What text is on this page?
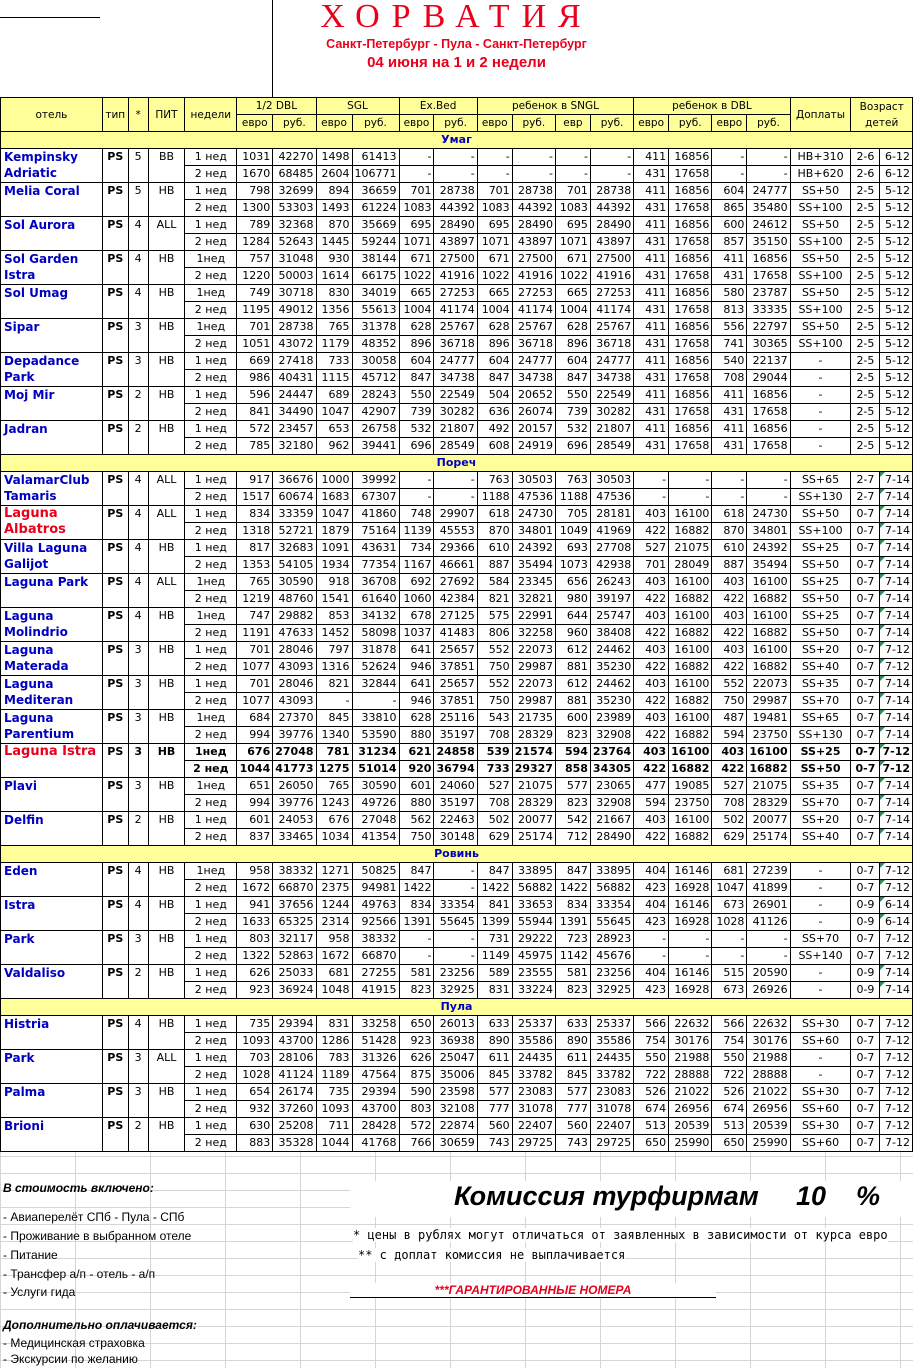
ХОРВАТИЯ
Санкт-Петербург - Пула - Санкт-Петербург
04 июня на 1 и 2 недели
отель	тип	*	ПИТ	недели	1/2 DBL		SGL		Ex.Bed		ребенок в SNGL				ребенок в DBL				Доплаты	Возраст детей	
					евро	руб.	евро	руб.	евро	руб.	евро	руб.	евр	руб.	евро	руб.	евро	руб.			
Умаг																					
Kempinsky Adriatic	PS	5	BB	1 нед	1031	42270	1498	61413	-	-	-	-	-	-	411	16856	-	-	HB+310	2-6	6-12
				2 нед	1670	68485	2604	106771	-	-	-	-	-	-	431	17658	-	-	HB+620	2-6	6-12
Melia Coral	PS	5	HB	1 нед	798	32699	894	36659	701	28738	701	28738	701	28738	411	16856	604	24777	SS+50	2-5	5-12
				2 нед	1300	53303	1493	61224	1083	44392	1083	44392	1083	44392	431	17658	865	35480	SS+100	2-5	5-12
Sol Aurora	PS	4	ALL	1 нед	789	32368	870	35669	695	28490	695	28490	695	28490	411	16856	600	24612	SS+50	2-5	5-12
				2 нед	1284	52643	1445	59244	1071	43897	1071	43897	1071	43897	431	17658	857	35150	SS+100	2-5	5-12
Sol Garden Istra	PS	4	HB	1нед	757	31048	930	38144	671	27500	671	27500	671	27500	411	16856	411	16856	SS+50	2-5	5-12
				2 нед	1220	50003	1614	66175	1022	41916	1022	41916	1022	41916	431	17658	431	17658	SS+100	2-5	5-12
Sol Umag	PS	4	HB	1нед	749	30718	830	34019	665	27253	665	27253	665	27253	411	16856	580	23787	SS+50	2-5	5-12
				2 нед	1195	49012	1356	55613	1004	41174	1004	41174	1004	41174	431	17658	813	33335	SS+100	2-5	5-12
Sipar	PS	3	HB	1нед	701	28738	765	31378	628	25767	628	25767	628	25767	411	16856	556	22797	SS+50	2-5	5-12
				2 нед	1051	43072	1179	48352	896	36718	896	36718	896	36718	431	17658	741	30365	SS+100	2-5	5-12
Depadance Park	PS	3	HB	1 нед	669	27418	733	30058	604	24777	604	24777	604	24777	411	16856	540	22137	-	2-5	5-12
				2 нед	986	40431	1115	45712	847	34738	847	34738	847	34738	431	17658	708	29044	-	2-5	5-12
Moj Mir	PS	2	HB	1 нед	596	24447	689	28243	550	22549	504	20652	550	22549	411	16856	411	16856	-	2-5	5-12
				2 нед	841	34490	1047	42907	739	30282	636	26074	739	30282	431	17658	431	17658	-	2-5	5-12
Jadran	PS	2	HB	1 нед	572	23457	653	26758	532	21807	492	20157	532	21807	411	16856	411	16856	-	2-5	5-12
				2 нед	785	32180	962	39441	696	28549	608	24919	696	28549	431	17658	431	17658	-	2-5	5-12
Пореч																					
ValamarClub Tamaris	PS	4	ALL	1 нед	917	36676	1000	39992	-	-	763	30503	763	30503	-	-	-	-	SS+65	2-7	7-14
				2 нед	1517	60674	1683	67307	-	-	1188	47536	1188	47536	-	-	-	-	SS+130	2-7	7-14
Laguna Albatros	PS	4	ALL	1 нед	834	33359	1047	41860	748	29907	618	24730	705	28181	403	16100	618	24730	SS+50	0-7	7-14
				2 нед	1318	52721	1879	75164	1139	45553	870	34801	1049	41969	422	16882	870	34801	SS+100	0-7	7-14
Villa Laguna Galijot	PS	4	HB	1 нед	817	32683	1091	43631	734	29366	610	24392	693	27708	527	21075	610	24392	SS+25	0-7	7-14
				2 нед	1353	54105	1934	77354	1167	46661	887	35494	1073	42938	701	28049	887	35494	SS+50	0-7	7-14
Laguna Park	PS	4	ALL	1нед	765	30590	918	36708	692	27692	584	23345	656	26243	403	16100	403	16100	SS+25	0-7	7-14
				2 нед	1219	48760	1541	61640	1060	42384	821	32821	980	39197	422	16882	422	16882	SS+50	0-7	7-14
Laguna Molindrio	PS	4	HB	1нед	747	29882	853	34132	678	27125	575	22991	644	25747	403	16100	403	16100	SS+25	0-7	7-14
				2 нед	1191	47633	1452	58098	1037	41483	806	32258	960	38408	422	16882	422	16882	SS+50	0-7	7-14
Laguna Materada	PS	3	HB	1 нед	701	28046	797	31878	641	25657	552	22073	612	24462	403	16100	403	16100	SS+20	0-7	7-12
				2 нед	1077	43093	1316	52624	946	37851	750	29987	881	35230	422	16882	422	16882	SS+40	0-7	7-12
Laguna Mediteran	PS	3	HB	1 нед	701	28046	821	32844	641	25657	552	22073	612	24462	403	16100	552	22073	SS+35	0-7	7-14
				2 нед	1077	43093	-	-	946	37851	750	29987	881	35230	422	16882	750	29987	SS+70	0-7	7-14
Laguna Parentium	PS	3	HB	1нед	684	27370	845	33810	628	25116	543	21735	600	23989	403	16100	487	19481	SS+65	0-7	7-14
				2 нед	994	39776	1340	53590	880	35197	708	28329	823	32908	422	16882	594	23750	SS+130	0-7	7-14
Laguna Istra	PS	3	HB	1нед	676	27048	781	31234	621	24858	539	21574	594	23764	403	16100	403	16100	SS+25	0-7	7-12
				2 нед	1044	41773	1275	51014	920	36794	733	29327	858	34305	422	16882	422	16882	SS+50	0-7	7-12
Plavi	PS	3	HB	1нед	651	26050	765	30590	601	24060	527	21075	577	23065	477	19085	527	21075	SS+35	0-7	7-14
				2 нед	994	39776	1243	49726	880	35197	708	28329	823	32908	594	23750	708	28329	SS+70	0-7	7-14
Delfin	PS	2	HB	1 нед	601	24053	676	27048	562	22463	502	20077	542	21667	403	16100	502	20077	SS+20	0-7	7-14
				2 нед	837	33465	1034	41354	750	30148	629	25174	712	28490	422	16882	629	25174	SS+40	0-7	7-14
Ровинь																					
Eden	PS	4	HB	1нед	958	38332	1271	50825	847	-	847	33895	847	33895	404	16146	681	27239	-	0-7	7-12
				2 нед	1672	66870	2375	94981	1422	-	1422	56882	1422	56882	423	16928	1047	41899	-	0-7	7-12
Istra	PS	4	HB	1 нед	941	37656	1244	49763	834	33354	841	33653	834	33354	404	16146	673	26901	-	0-9	6-14
				2 нед	1633	65325	2314	92566	1391	55645	1399	55944	1391	55645	423	16928	1028	41126	-	0-9	6-14
Park	PS	3	HB	1 нед	803	32117	958	38332	-	-	731	29222	723	28923	-	-	-	-	SS+70	0-7	7-12
				2 нед	1322	52863	1672	66870	-	-	1149	45975	1142	45676	-	-	-	-	SS+140	0-7	7-12
Valdaliso	PS	2	HB	1 нед	626	25033	681	27255	581	23256	589	23555	581	23256	404	16146	515	20590	-	0-9	7-14
				2 нед	923	36924	1048	41915	823	32925	831	33224	823	32925	423	16928	673	26926	-	0-9	7-14
Пула																					
Histria	PS	4	HB	1 нед	735	29394	831	33258	650	26013	633	25337	633	25337	566	22632	566	22632	SS+30	0-7	7-12
				2 нед	1093	43700	1286	51428	923	36938	890	35586	890	35586	754	30176	754	30176	SS+60	0-7	7-12
Park	PS	3	ALL	1 нед	703	28106	783	31326	626	25047	611	24435	611	24435	550	21988	550	21988	-	0-7	7-12
				2 нед	1028	41124	1189	47564	875	35006	845	33782	845	33782	722	28888	722	28888	-	0-7	7-12
Palma	PS	3	HB	1 нед	654	26174	735	29394	590	23598	577	23083	577	23083	526	21022	526	21022	SS+30	0-7	7-12
				2 нед	932	37260	1093	43700	803	32108	777	31078	777	31078	674	26956	674	26956	SS+60	0-7	7-12
Brioni	PS	2	HB	1 нед	630	25208	711	28428	572	22874	560	22407	560	22407	513	20539	513	20539	SS+30	0-7	7-12
				2 нед	883	35328	1044	41768	766	30659	743	29725	743	29725	650	25990	650	25990	SS+60	0-7	7-12
В стоимость включено:
- Авиаперелёт СПб - Пула - СПб
- Проживание в выбранном отеле
- Питание
- Трансфер а/п - отель - а/п
- Услуги гида
Дополнительно оплачивается:
- Медицинская страховка
- Экскурсии по желанию
Комиссия турфирмам 10 %
* цены в рублях могут отличаться от заявленных в зависимости от курса евро
** с доплат комиссия не выплачивается
***ГАРАНТИРОВАННЫЕ НОМЕРА
